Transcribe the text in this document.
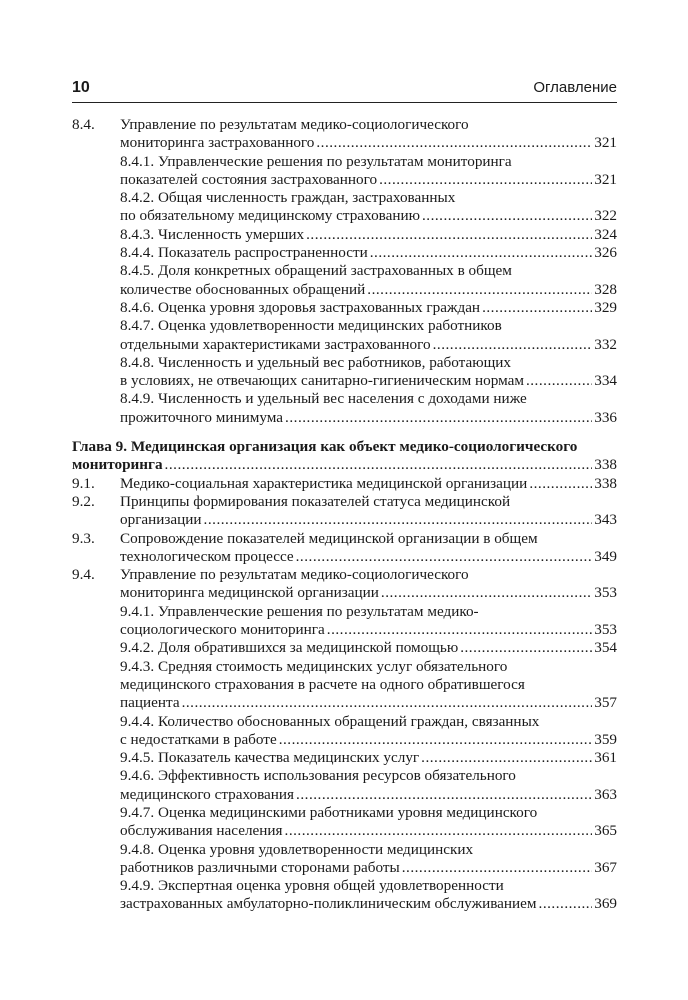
10	Оглавление
8.4. Управление по результатам медико-социологического
мониторинга застрахованного .....	321
8.4.1. Управленческие решения по результатам мониторинга
показателей состояния застрахованного .....	321
8.4.2. Общая численность граждан, застрахованных
по обязательному медицинскому страхованию .....	322
8.4.3. Численность умерших .....	324
8.4.4. Показатель распространенности .....	326
8.4.5. Доля конкретных обращений застрахованных в общем
количестве обоснованных обращений .....	328
8.4.6. Оценка уровня здоровья застрахованных граждан .....	329
8.4.7. Оценка удовлетворенности медицинских работников
отдельными характеристиками застрахованного .....	332
8.4.8. Численность и удельный вес работников, работающих
в условиях, не отвечающих санитарно-гигиеническим нормам .....	334
8.4.9. Численность и удельный вес населения с доходами ниже
прожиточного минимума .....	336
Глава 9. Медицинская организация как объект медико-социологического
мониторинга .....	338
9.1. Медико-социальная характеристика медицинской организации .....	338
9.2. Принципы формирования показателей статуса медицинской
организации .....	343
9.3. Сопровождение показателей медицинской организации в общем
технологическом процессе .....	349
9.4. Управление по результатам медико-социологического
мониторинга медицинской организации .....	353
9.4.1. Управленческие решения по результатам медико-
социологического мониторинга .....	353
9.4.2. Доля обратившихся за медицинской помощью .....	354
9.4.3. Средняя стоимость медицинских услуг обязательного
медицинского страхования в расчете на одного обратившегося
пациента .....	357
9.4.4. Количество обоснованных обращений граждан, связанных
с недостатками в работе .....	359
9.4.5. Показатель качества медицинских услуг .....	361
9.4.6. Эффективность использования ресурсов обязательного
медицинского страхования .....	363
9.4.7. Оценка медицинскими работниками уровня медицинского
обслуживания населения .....	365
9.4.8. Оценка уровня удовлетворенности медицинских
работников различными сторонами работы .....	367
9.4.9. Экспертная оценка уровня общей удовлетворенности
застрахованных амбулаторно-поликлиническим обслуживанием .....	369
